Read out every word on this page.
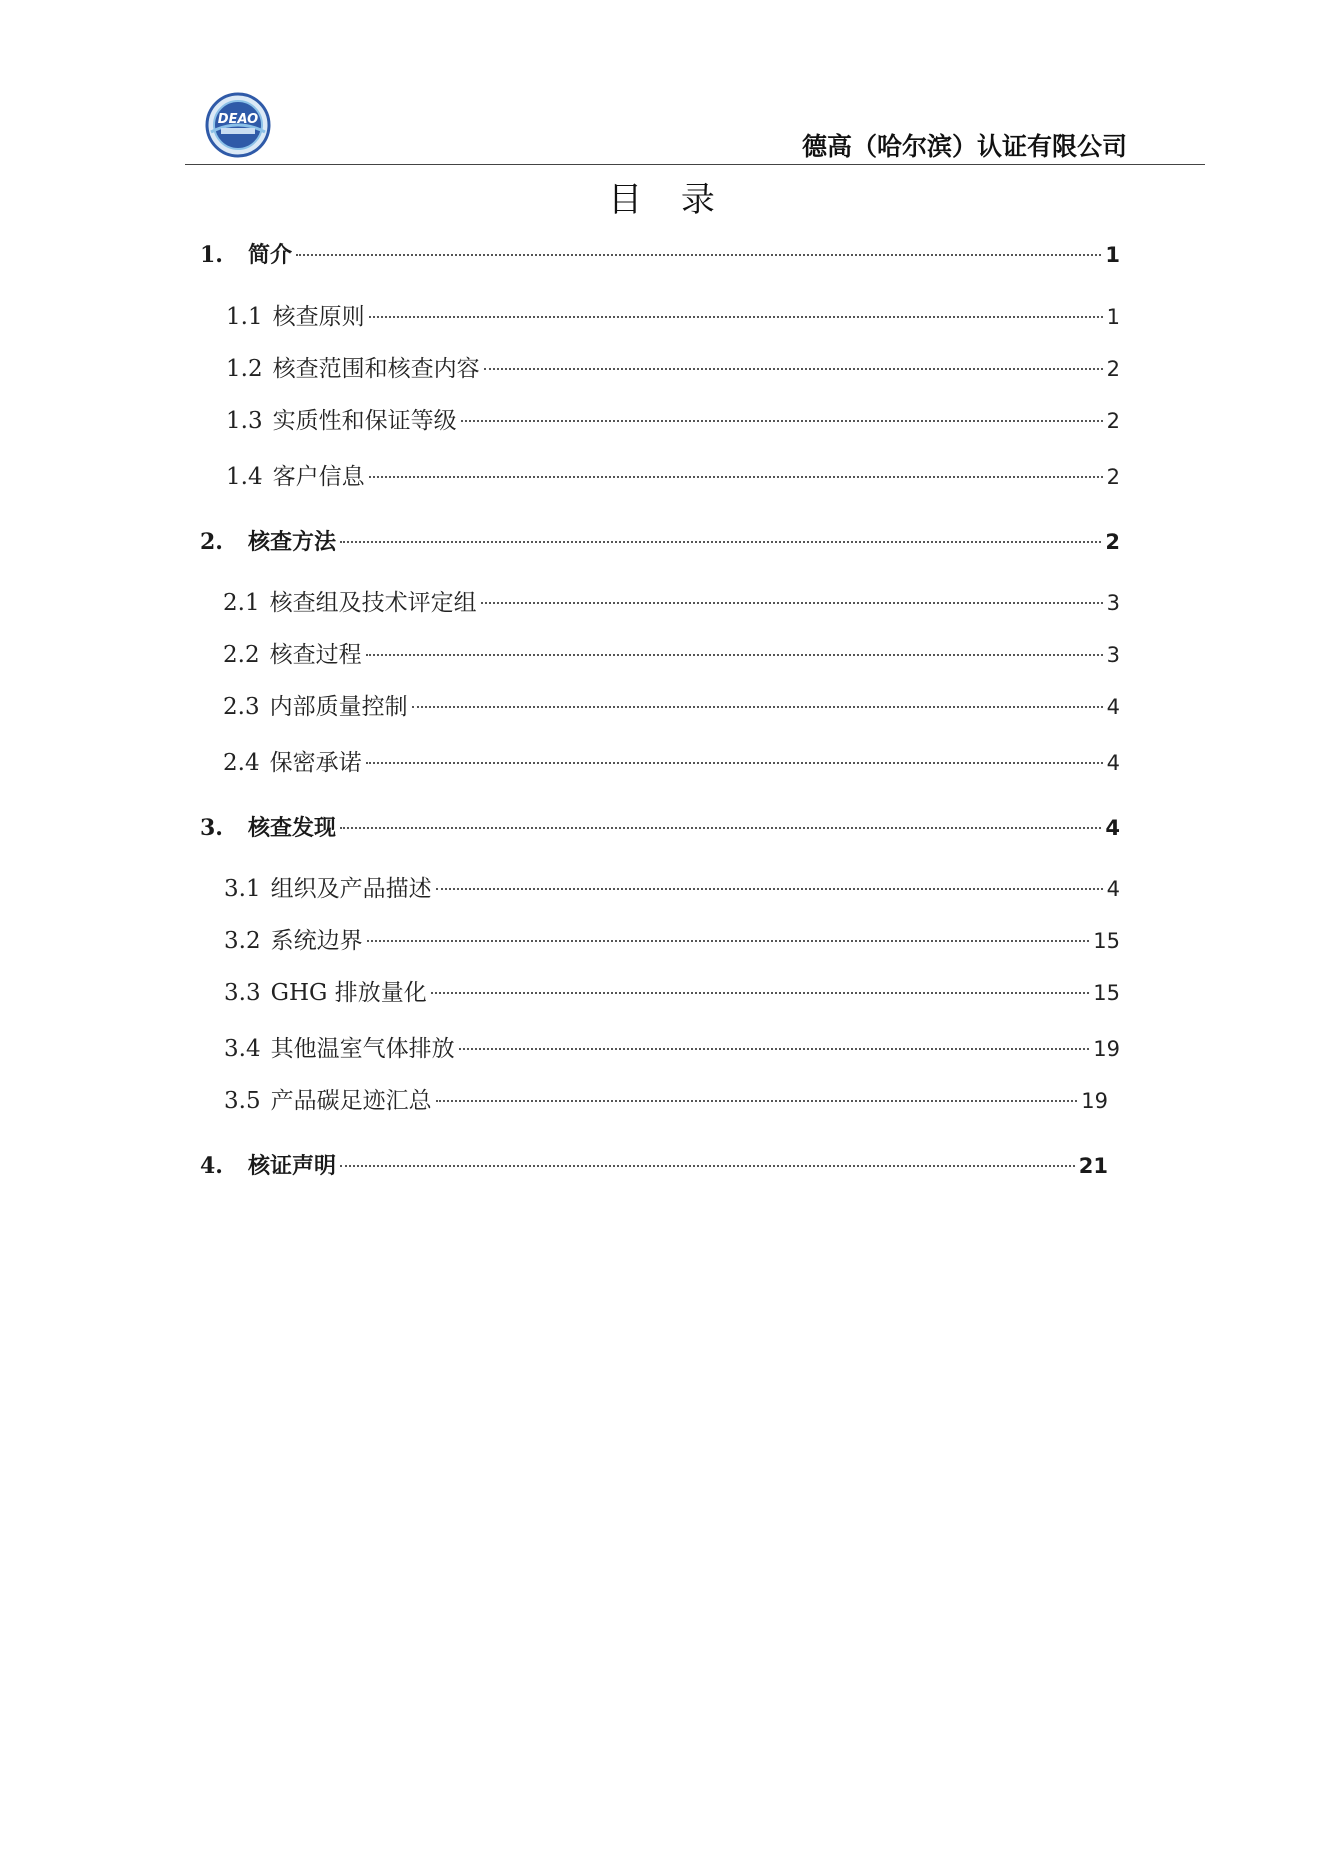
DEAO
德高（哈尔滨）认证有限公司
目 录
1.	简介	1
1.1 核查原则	1
1.2 核查范围和核查内容	2
1.3 实质性和保证等级	2
1.4 客户信息	2
2.	核查方法	2
2.1 核查组及技术评定组	3
2.2 核查过程	3
2.3 内部质量控制	4
2.4 保密承诺	4
3.	核查发现	4
3.1 组织及产品描述	4
3.2 系统边界	15
3.3 GHG 排放量化	15
3.4 其他温室气体排放	19
3.5 产品碳足迹汇总	19
4.	核证声明	21
